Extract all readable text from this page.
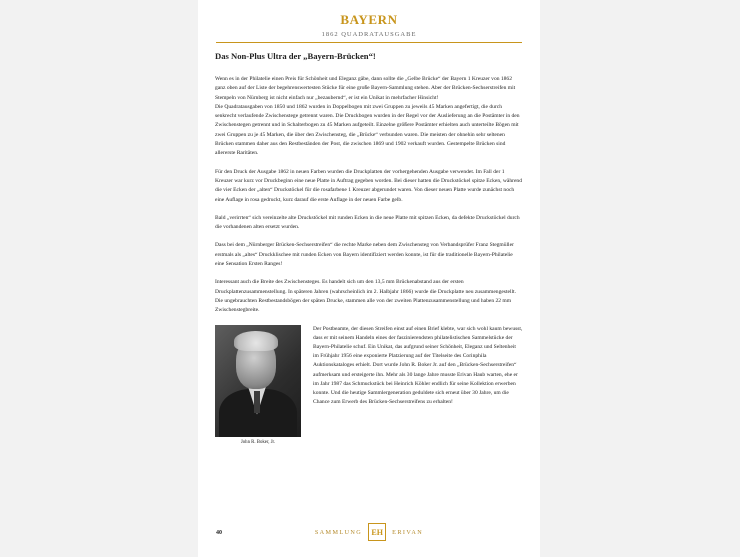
BAYERN
1862 QUADRATAUSGABE
Das Non-Plus Ultra der „Bayern-Brücken“!
Wenn es in der Philatelie einen Preis für Schönheit und Eleganz gäbe, dann sollte die „Gelbe Brücke“ der Bayern 1 Kreuzer von 1862 ganz oben auf der Liste der begehrenswertesten Stücke für eine große Bayern-Sammlung stehen. Aber der Brücken-Sechserstreifen mit Stempeln von Nürnberg ist nicht einfach nur „bezaubernd“, er ist ein Unikat in mehrfacher Hinsicht!
Die Quadratausgaben von 1850 und 1862 wurden in Doppelbogen mit zwei Gruppen zu jeweils 45 Marken angefertigt, die durch senkrecht verlaufende Zwischenstege getrennt waren. Die Druckbogen wurden in der Regel vor der Auslieferung an die Postämter in den Zwischenstegen getrennt und in Schalterbogen zu 45 Marken aufgeteilt. Einzelne größere Postämter erhielten auch unterteilte Bögen mit zwei Gruppen zu je 45 Marken, die über den Zwischensteg, die „Brücke“ verbunden waren. Die meisten der ohnehin sehr seltenen Brücken stammen daher aus den Restbeständen der Post, die zwischen 1869 und 1902 verkauft wurden. Gestempelte Brücken sind allererste Raritäten.
Für den Druck der Ausgabe 1862 in neuen Farben wurden die Druckplatten der vorhergehenden Ausgabe verwendet. Im Fall der 1 Kreuzer war kurz vor Druckbeginn eine neue Platte in Auftrag gegeben worden. Bei dieser hatten die Druckstöckel spitze Ecken, während die vier Ecken der „alten“ Druckstöckel für die rosafarbene 1 Kreuzer abgerundet waren. Von dieser neuen Platte wurde zunächst noch eine Auflage in rosa gedruckt, kurz darauf die erste Auflage in der neuen Farbe gelb.
Bald „verirrten“ sich vereinzelte alte Druckstöckel mit runden Ecken in die neue Platte mit spitzen Ecken, da defekte Druckstöckel durch die vorhandenen alten ersetzt wurden.
Dass bei dem „Nürnberger Brücken-Sechserstreifen“ die rechte Marke neben dem Zwischensteg von Verbandsprüfer Franz Stegmüller erstmals als „altes“ Druckklischee mit runden Ecken von Bayern identifiziert werden konnte, ist für die traditionelle Bayern-Philatelie eine Sensation Ersten Ranges!
Interessant auch die Breite des Zwischensteges. Es handelt sich um den 13,5 mm Brückenabstand aus der ersten Druckplattenzusammenstellung. In späteren Jahren (wahrscheinlich im 2. Halbjahr 1866) wurde die Druckplatte neu zusammengestellt. Die ungebrauchten Restbestandsbögen der späten Drucke, stammen alle von der zweiten Plattenzusammenstellung und haben 22 mm Zwischenstegbreite.
John R. Boker, Jr.
Der Postbeamte, der diesen Streifen einst auf einen Brief klebte, war sich wohl kaum bewusst, dass er mit seinem Handeln eines der faszinierendsten philatelistischen Sammelstücke der Bayern-Philatelie schuf. Ein Unikat, das aufgrund seiner Schönheit, Eleganz und Seltenheit im Frühjahr 1956 eine exponierte Platzierung auf der Titelseite des Corinphila Auktionskataloges erhielt. Dort wurde John R. Boker Jr. auf den „Brücken-Sechserstreifen“ aufmerksam und ersteigerte ihn. Mehr als 30 lange Jahre musste Erivan Haub warten, ehe er im Jahr 1987 das Schmuckstück bei Heinrich Köhler endlich für seine Kollektion erwerben konnte. Und die heutige Sammlergeneration geduldete sich erneut über 30 Jahre, um die Chance zum Erwerb des Brücken-Sechserstreifens zu erhalten!
40	SAMMLUNG	EH	ERIVAN
